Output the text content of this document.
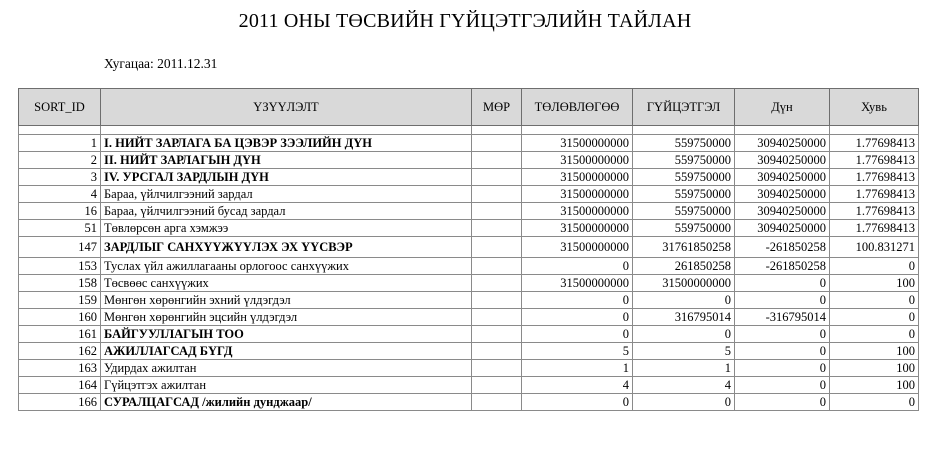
2011 ОНЫ ТӨСВИЙН ГҮЙЦЭТГЭЛИЙН ТАЙЛАН
Хугацаа: 2011.12.31
SORT_ID	ҮЗҮҮЛЭЛТ	МӨР	ТӨЛӨВЛӨГӨӨ	ГҮЙЦЭТГЭЛ	Дүн	Хувь

1	I. НИЙТ ЗАРЛАГА БА ЦЭВЭР ЗЭЭЛИЙН ДҮН		31500000000	559750000	30940250000	1.77698413
2	II. НИЙТ ЗАРЛАГЫН ДҮН		31500000000	559750000	30940250000	1.77698413
3	IV. УРСГАЛ ЗАРДЛЫН ДҮН		31500000000	559750000	30940250000	1.77698413
4	Бараа, үйлчилгээний зардал		31500000000	559750000	30940250000	1.77698413
16	Бараа, үйлчилгээний бусад зардал		31500000000	559750000	30940250000	1.77698413
51	Төвлөрсөн арга хэмжээ		31500000000	559750000	30940250000	1.77698413
147	ЗАРДЛЫГ САНХҮҮЖҮҮЛЭХ ЭХ ҮҮСВЭР		31500000000	31761850258	-261850258	100.831271
153	Туслах үйл ажиллагааны орлогоос санхүүжих		0	261850258	-261850258	0
158	Төсвөөс санхүүжих		31500000000	31500000000	0	100
159	Мөнгөн хөрөнгийн эхний үлдэгдэл		0	0	0	0
160	Мөнгөн хөрөнгийн эцсийн үлдэгдэл		0	316795014	-316795014	0
161	БАЙГУУЛЛАГЫН ТОО		0	0	0	0
162	АЖИЛЛАГСАД БҮГД		5	5	0	100
163	Удирдах ажилтан		1	1	0	100
164	Гүйцэтгэх ажилтан		4	4	0	100
166	СУРАЛЦАГСАД /жилийн дунджаар/		0	0	0	0
